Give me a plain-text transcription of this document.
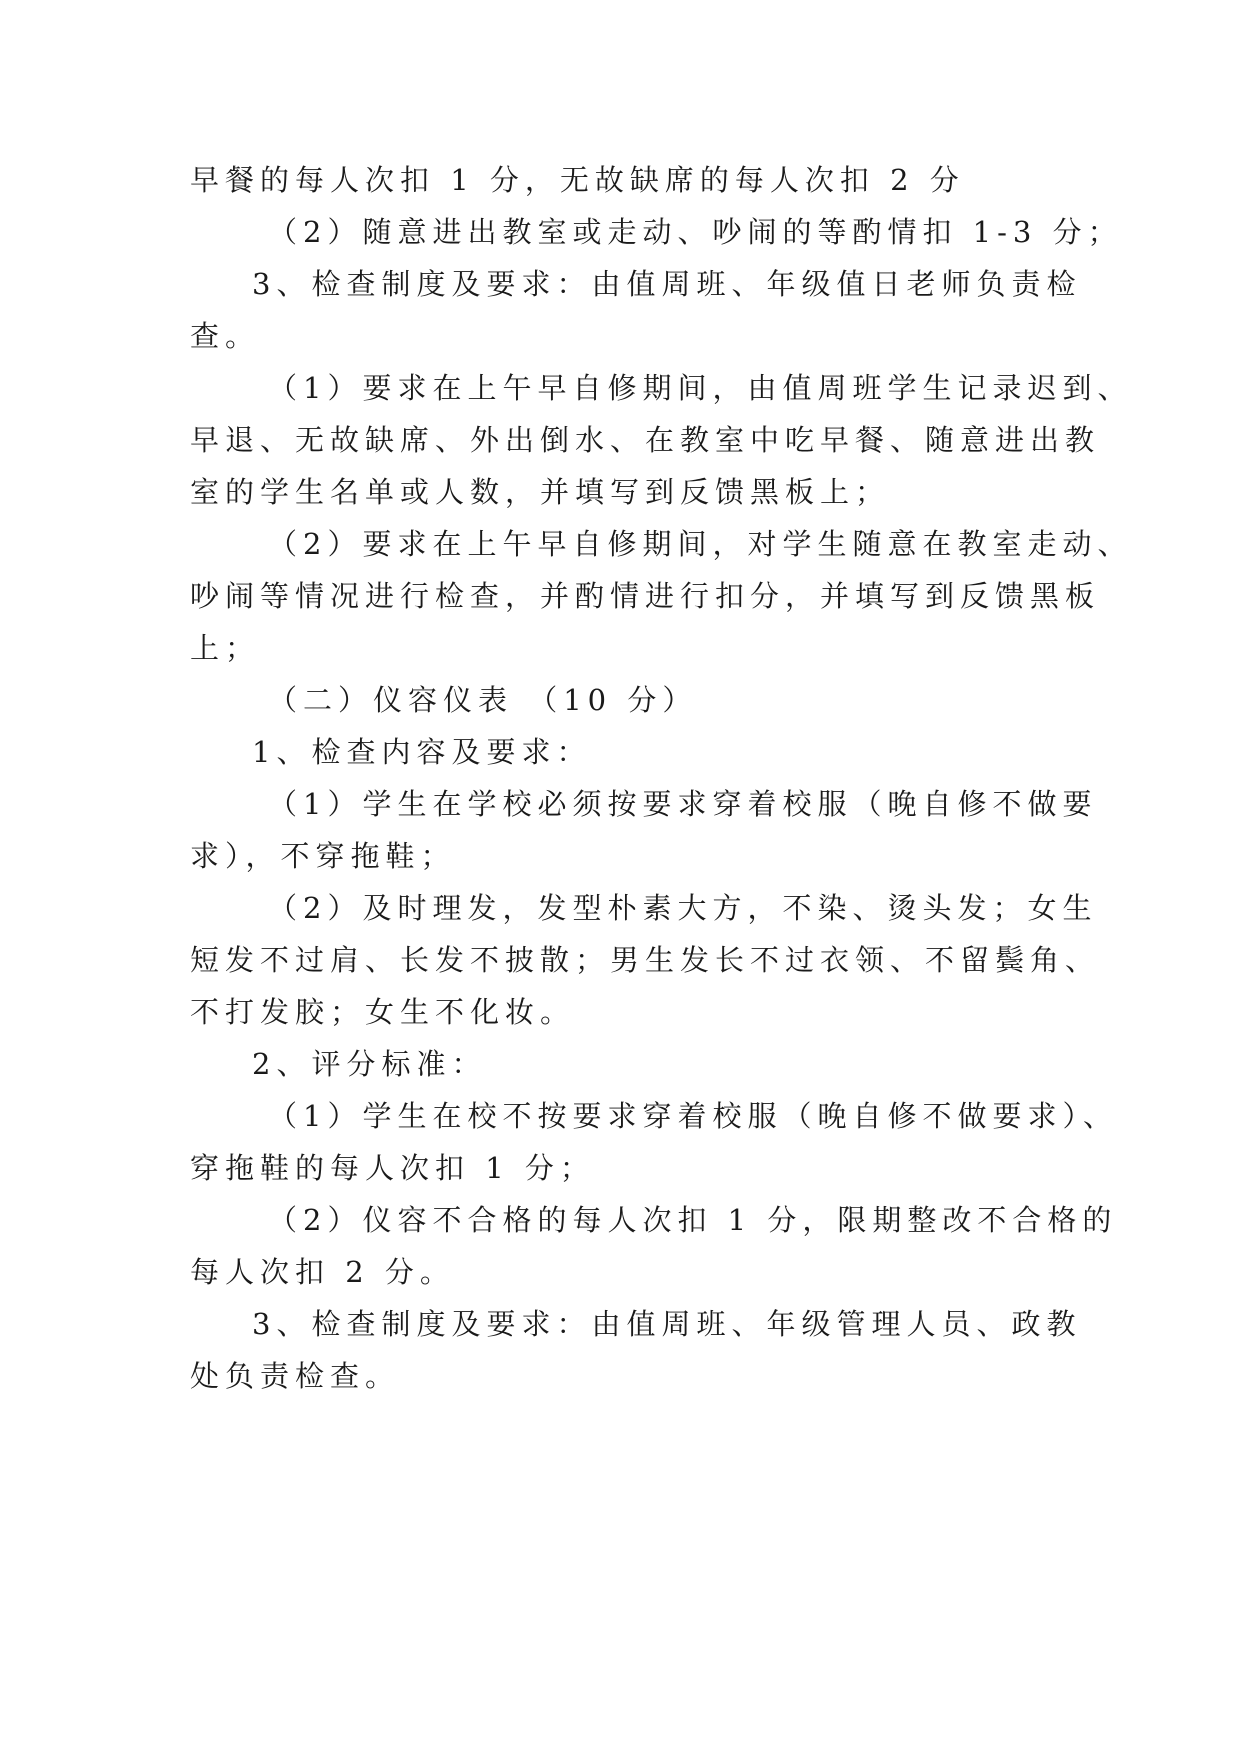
早餐的每人次扣 1 分，无故缺席的每人次扣 2 分
（2）随意进出教室或走动、吵闹的等酌情扣 1-3 分；
3、检查制度及要求：由值周班、年级值日老师负责检
查。
（1）要求在上午早自修期间，由值周班学生记录迟到、
早退、无故缺席、外出倒水、在教室中吃早餐、随意进出教
室的学生名单或人数，并填写到反馈黑板上；
（2）要求在上午早自修期间，对学生随意在教室走动、
吵闹等情况进行检查，并酌情进行扣分，并填写到反馈黑板
上；
（二）仪容仪表 （10 分）
1、检查内容及要求：
（1）学生在学校必须按要求穿着校服（晚自修不做要
求），不穿拖鞋；
（2）及时理发，发型朴素大方，不染、烫头发；女生
短发不过肩、长发不披散；男生发长不过衣领、不留鬓角、
不打发胶；女生不化妆。
2、评分标准：
（1）学生在校不按要求穿着校服（晚自修不做要求）、
穿拖鞋的每人次扣 1 分；
（2）仪容不合格的每人次扣 1 分，限期整改不合格的
每人次扣 2 分。
3、检查制度及要求：由值周班、年级管理人员、政教
处负责检查。
